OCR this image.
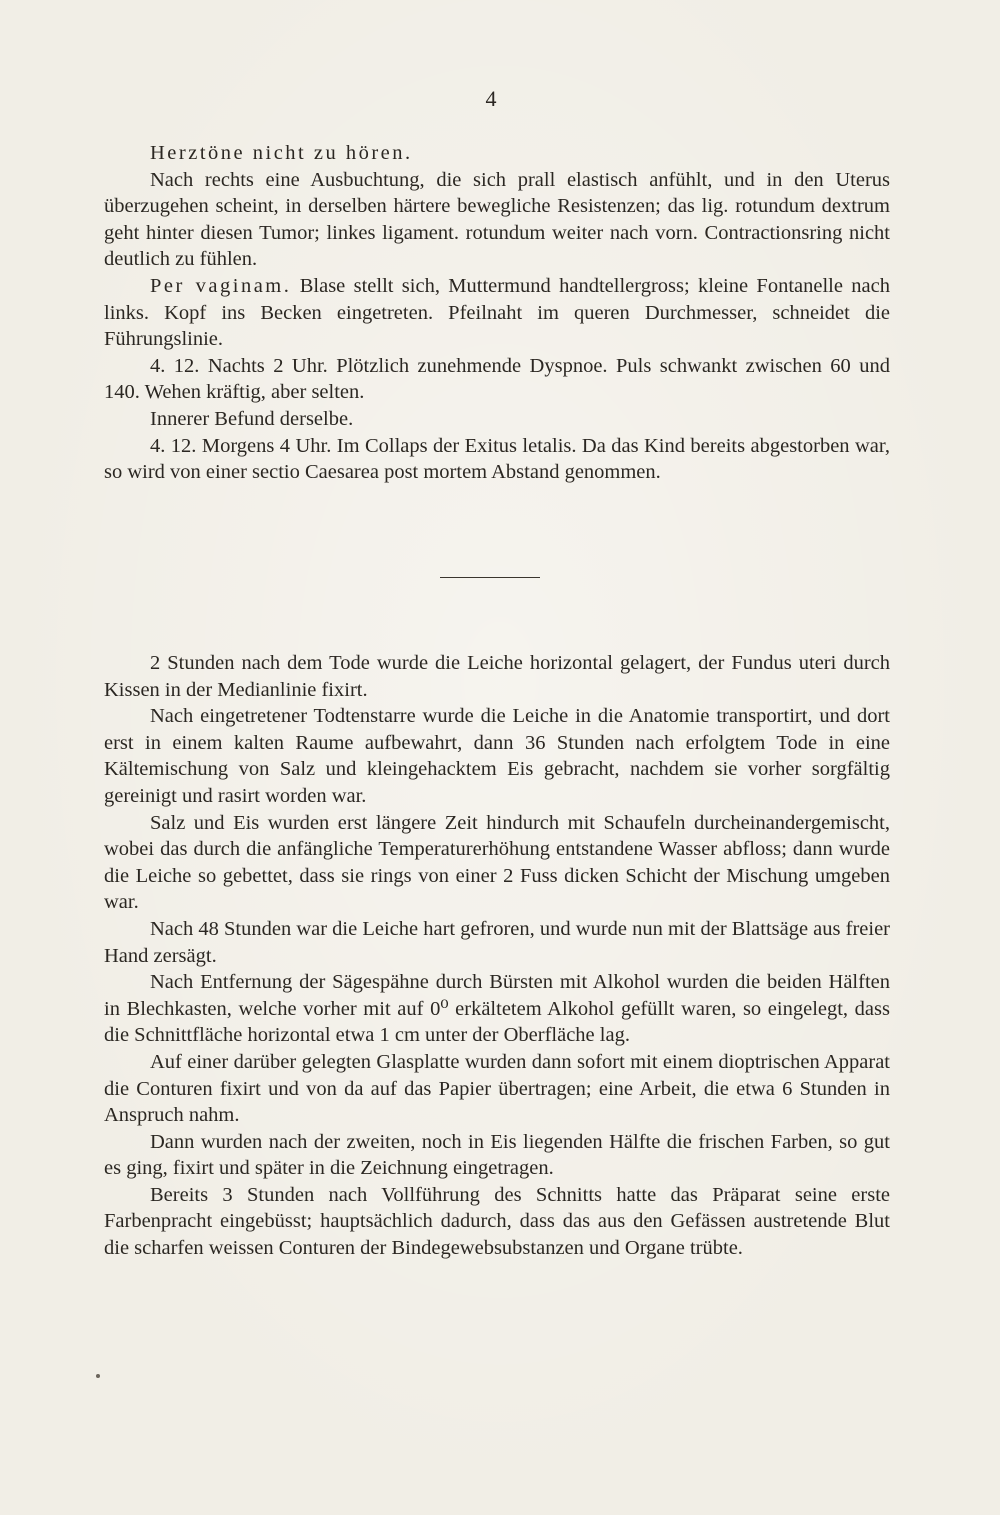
4

Herztöne nicht zu hören.

Nach rechts eine Ausbuchtung, die sich prall elastisch anfühlt, und in den Uterus überzugehen scheint, in derselben härtere bewegliche Resistenzen; das lig. rotundum dextrum geht hinter diesen Tumor; linkes ligament. rotundum weiter nach vorn. Contractionsring nicht deutlich zu fühlen.

Per vaginam. Blase stellt sich, Muttermund handtellergross; kleine Fontanelle nach links. Kopf ins Becken eingetreten. Pfeilnaht im queren Durchmesser, schneidet die Führungslinie.

4. 12. Nachts 2 Uhr. Plötzlich zunehmende Dyspnoe. Puls schwankt zwischen 60 und 140. Wehen kräftig, aber selten.

Innerer Befund derselbe.

4. 12. Morgens 4 Uhr. Im Collaps der Exitus letalis. Da das Kind bereits abgestorben war, so wird von einer sectio Caesarea post mortem Abstand genommen.

2 Stunden nach dem Tode wurde die Leiche horizontal gelagert, der Fundus uteri durch Kissen in der Medianlinie fixirt.

Nach eingetretener Todtenstarre wurde die Leiche in die Anatomie transportirt, und dort erst in einem kalten Raume aufbewahrt, dann 36 Stunden nach erfolgtem Tode in eine Kältemischung von Salz und kleingehacktem Eis gebracht, nachdem sie vorher sorgfältig gereinigt und rasirt worden war.

Salz und Eis wurden erst längere Zeit hindurch mit Schaufeln durcheinandergemischt, wobei das durch die anfängliche Temperaturerhöhung entstandene Wasser abfloss; dann wurde die Leiche so gebettet, dass sie rings von einer 2 Fuss dicken Schicht der Mischung umgeben war.

Nach 48 Stunden war die Leiche hart gefroren, und wurde nun mit der Blattsäge aus freier Hand zersägt.

Nach Entfernung der Sägespähne durch Bürsten mit Alkohol wurden die beiden Hälften in Blechkasten, welche vorher mit auf 0⁰ erkältetem Alkohol gefüllt waren, so eingelegt, dass die Schnittfläche horizontal etwa 1 cm unter der Oberfläche lag.

Auf einer darüber gelegten Glasplatte wurden dann sofort mit einem dioptrischen Apparat die Conturen fixirt und von da auf das Papier übertragen; eine Arbeit, die etwa 6 Stunden in Anspruch nahm.

Dann wurden nach der zweiten, noch in Eis liegenden Hälfte die frischen Farben, so gut es ging, fixirt und später in die Zeichnung eingetragen.

Bereits 3 Stunden nach Vollführung des Schnitts hatte das Präparat seine erste Farbenpracht eingebüsst; hauptsächlich dadurch, dass das aus den Gefässen austretende Blut die scharfen weissen Conturen der Bindegewebsubstanzen und Organe trübte.
